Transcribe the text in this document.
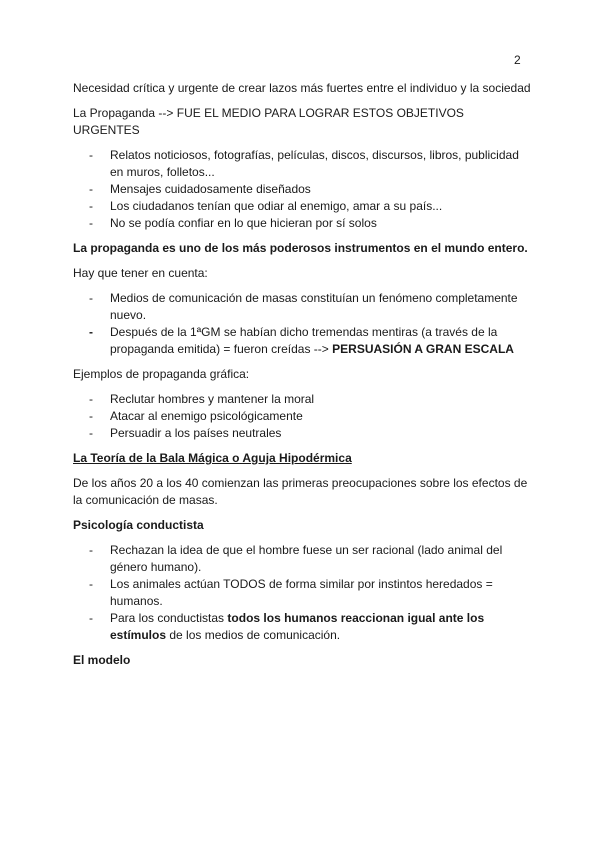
2

Necesidad crítica y urgente de crear lazos más fuertes entre el individuo y la sociedad

La Propaganda --> FUE EL MEDIO PARA LOGRAR ESTOS OBJETIVOS URGENTES

-	Relatos noticiosos, fotografías, películas, discos, discursos, libros, publicidad en muros, folletos...
-	Mensajes cuidadosamente diseñados
-	Los ciudadanos tenían que odiar al enemigo, amar a su país...
-	No se podía confiar en lo que hicieran por sí solos

La propaganda es uno de los más poderosos instrumentos en el mundo entero.

Hay que tener en cuenta:

-	Medios de comunicación de masas constituían un fenómeno completamente nuevo.
-	Después de la 1ªGM se habían dicho tremendas mentiras (a través de la propaganda emitida) = fueron creídas --> PERSUASIÓN A GRAN ESCALA

Ejemplos de propaganda gráfica:

-	Reclutar hombres y mantener la moral
-	Atacar al enemigo psicológicamente
-	Persuadir a los países neutrales

La Teoría de la Bala Mágica o Aguja Hipodérmica

De los años 20 a los 40 comienzan las primeras preocupaciones sobre los efectos de la comunicación de masas.

Psicología conductista

-	Rechazan la idea de que el hombre fuese un ser racional (lado animal del género humano).
-	Los animales actúan TODOS de forma similar por instintos heredados = humanos.
-	Para los conductistas todos los humanos reaccionan igual ante los estímulos de los medios de comunicación.

El modelo
